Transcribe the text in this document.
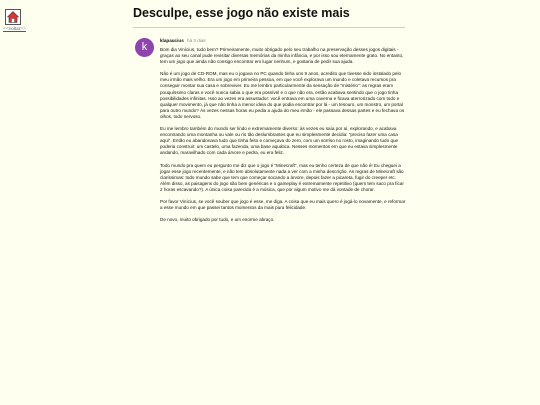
<<voltar>>
Desculpe, esse jogo não existe mais
k
klapaucius há 3 dias

Bom dia Vinícius, tudo bem? Primeiramente, muito obrigado pelo seu trabalho na preservação desses jogos digitais - graças ao seu canal pude revisitar diversas memórias da minha infância, e por isso sou eternamente grato. No entanto, tem um jogo que ainda não consigo encontrar em lugar nenhum, e gostaria de pedir sua ajuda.

Não é um jogo de CD-ROM, mas eu o jogava no PC quando tinha uns 9 anos, acredito que tivesse sido instalado pelo meu irmão mais velho. Era um jogo em primeira pessoa, em que você explorava um mundo e coletava recursos pra conseguir montar sua casa e sobreviver. Eu me lembro particularmente da sensação de "mistério": as regras eram pouquíssimo claras e você nunca sabia o que era possível e o que não era, então acabava sentindo que o jogo tinha possibilidades infinitas. Isso ao vezes era assustador: você entrava em uma caverna e ficava aterrorizado com todo e qualquer movimento, já que não tinha a menor ideia do que podia encontrar por lá - um tesouro, um monstro, um portal para outro mundo? Às vezes nessas horas eu pedia a ajuda do meu irmão - ele passava dessas partes e eu fechava os olhos, todo nervoso.

Eu me lembro também do mundo ser lindo e extremamente diverso: às vezes eu saía por aí, explorando, e acabava encontrando uma montanha ou vale ou rio tão deslumbrantes que eu simplesmente decidia: "preciso fazer uma casa aqui". Então eu abandonava tudo que tinha feito e começava do zero, com um sorriso no rosto, imaginando tudo que poderia construir: um castelo, uma fazenda, uma base aquática. Nesses momentos em que eu estava simplesmente andando, maravilhado com cada árvore e pedra, eu era feliz.

Todo mundo pra quem eu pergunto me diz que o jogo é "Minecraft", mas eu tenho certeza de que não é! Eu cheguei a jogar esse jogo recentemente, e não tem absolutamente nada a ver com a minha descrição. As regras de Minecraft são claríssimas: todo mundo sabe que tem que começar socando a árvore, depois fazer a picareta, fugir do creeper etc. Além disso, as paisagens do jogo são bem genéricas e o gameplay é extremamente repetitivo (quem tem saco pra ficar 2 horas escavando?). A única coisa parecida é a música, que por algum motivo me dá vontade de chorar.

Por favor Vinícius, se você souber que jogo é esse, me diga. A coisa que eu mais quero é jogá-lo novamente, e reformar a esse mundo em que passei tantos momentos da mais pura felicidade.

De novo, muito obrigado por tudo, e um enorme abraço.
